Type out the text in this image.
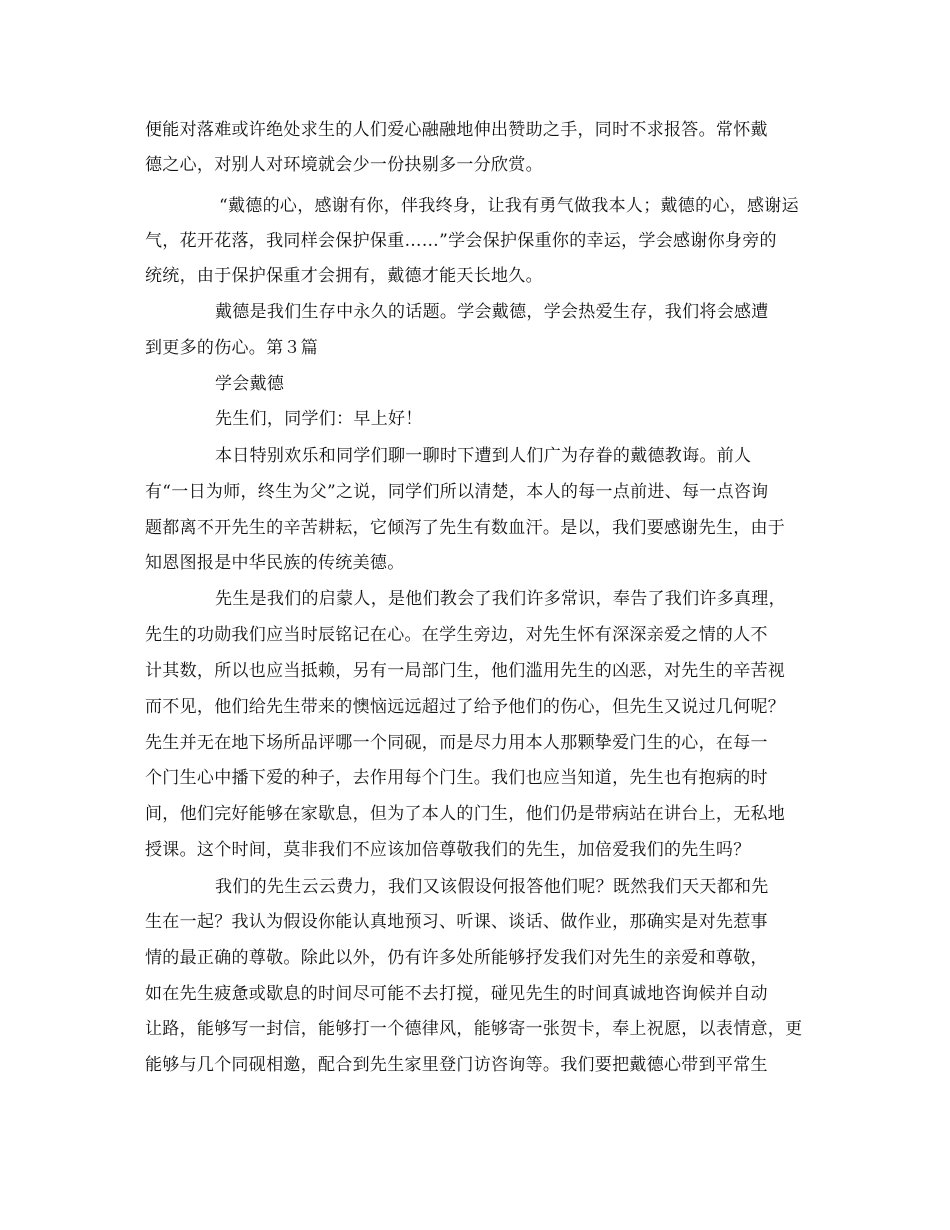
便能对落难或许绝处求生的人们爱心融融地伸出赞助之手，同时不求报答。常怀戴
德之心，对别人对环境就会少一份抉剔多一分欣赏。
“戴德的心，感谢有你，伴我终身，让我有勇气做我本人；戴德的心，感谢运
气，花开花落，我同样会保护保重……”学会保护保重你的幸运，学会感谢你身旁的
统统，由于保护保重才会拥有，戴德才能天长地久。
戴德是我们生存中永久的话题。学会戴德，学会热爱生存，我们将会感遭
到更多的伤心。第３篇
学会戴德
先生们，同学们：早上好！
本日特别欢乐和同学们聊一聊时下遭到人们广为存眷的戴德教诲。前人
有“一日为师，终生为父”之说，同学们所以清楚，本人的每一点前进、每一点咨询
题都离不开先生的辛苦耕耘，它倾泻了先生有数血汗。是以，我们要感谢先生，由于
知恩图报是中华民族的传统美德。
先生是我们的启蒙人，是他们教会了我们许多常识，奉告了我们许多真理，
先生的功勋我们应当时辰铭记在心。在学生旁边，对先生怀有深深亲爱之情的人不
计其数，所以也应当抵赖，另有一局部门生，他们滥用先生的凶恶，对先生的辛苦视
而不见，他们给先生带来的懊恼远远超过了给予他们的伤心，但先生又说过几何呢？
先生并无在地下场所品评哪一个同砚，而是尽力用本人那颗挚爱门生的心，在每一
个门生心中播下爱的种子，去作用每个门生。我们也应当知道，先生也有抱病的时
间，他们完好能够在家歇息，但为了本人的门生，他们仍是带病站在讲台上，无私地
授课。这个时间，莫非我们不应该加倍尊敬我们的先生，加倍爱我们的先生吗？
我们的先生云云费力，我们又该假设何报答他们呢？既然我们天天都和先
生在一起？我认为假设你能认真地预习、听课、谈话、做作业，那确实是对先惹事
情的最正确的尊敬。除此以外，仍有许多处所能够抒发我们对先生的亲爱和尊敬，
如在先生疲惫或歇息的时间尽可能不去打搅，碰见先生的时间真诚地咨询候并自动
让路，能够写一封信，能够打一个德律风，能够寄一张贺卡，奉上祝愿，以表情意，更
能够与几个同砚相邀，配合到先生家里登门访咨询等。我们要把戴德心带到平常生
